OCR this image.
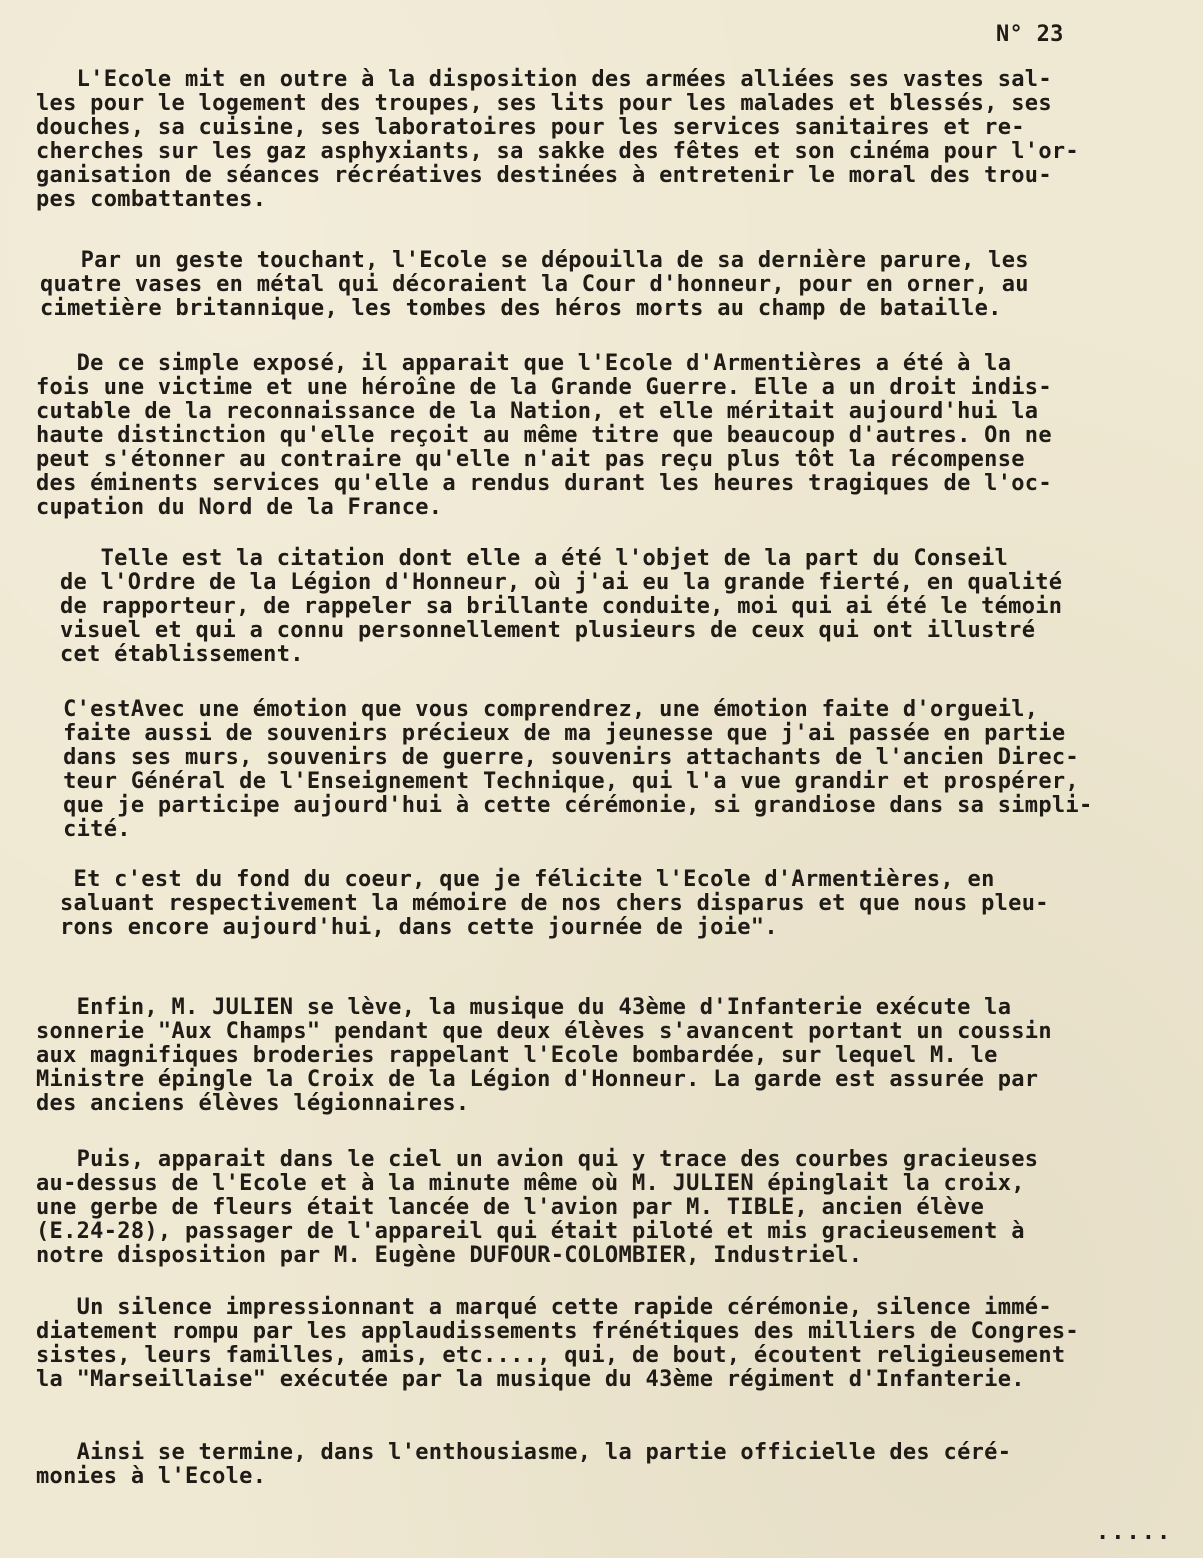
N° 23
L'Ecole mit en outre à la disposition des armées alliées ses vastes sal-
les pour le logement des troupes, ses lits pour les malades et blessés, ses
douches, sa cuisine, ses laboratoires pour les services sanitaires et re-
cherches sur les gaz asphyxiants, sa sakke des fêtes et son cinéma pour l'or-
ganisation de séances récréatives destinées à entretenir le moral des trou-
pes combattantes.
Par un geste touchant, l'Ecole se dépouilla de sa dernière parure, les
quatre vases en métal qui décoraient la Cour d'honneur, pour en orner, au
cimetière britannique, les tombes des héros morts au champ de bataille.
De ce simple exposé, il apparait que l'Ecole d'Armentières a été à la
fois une victime et une héroîne de la Grande Guerre. Elle a un droit indis-
cutable de la reconnaissance de la Nation, et elle méritait aujourd'hui la
haute distinction qu'elle reçoit au même titre que beaucoup d'autres. On ne
peut s'étonner au contraire qu'elle n'ait pas reçu plus tôt la récompense
des éminents services qu'elle a rendus durant les heures tragiques de l'oc-
cupation du Nord de la France.
Telle est la citation dont elle a été l'objet de la part du Conseil
de l'Ordre de la Légion d'Honneur, où j'ai eu la grande fierté, en qualité
de rapporteur, de rappeler sa brillante conduite, moi qui ai été le témoin
visuel et qui a connu personnellement plusieurs de ceux qui ont illustré
cet établissement.
C'estAvec une émotion que vous comprendrez, une émotion faite d'orgueil,
faite aussi de souvenirs précieux de ma jeunesse que j'ai passée en partie
dans ses murs, souvenirs de guerre, souvenirs attachants de l'ancien Direc-
teur Général de l'Enseignement Technique, qui l'a vue grandir et prospérer,
que je participe aujourd'hui à cette cérémonie, si grandiose dans sa simpli-
cité.
Et c'est du fond du coeur, que je félicite l'Ecole d'Armentières, en
saluant respectivement la mémoire de nos chers disparus et que nous pleu-
rons encore aujourd'hui, dans cette journée de joie".
Enfin, M. JULIEN se lève, la musique du 43ème d'Infanterie exécute la
sonnerie "Aux Champs" pendant que deux élèves s'avancent portant un coussin
aux magnifiques broderies rappelant l'Ecole bombardée, sur lequel M. le
Ministre épingle la Croix de la Légion d'Honneur. La garde est assurée par
des anciens élèves légionnaires.
Puis, apparait dans le ciel un avion qui y trace des courbes gracieuses
au-dessus de l'Ecole et à la minute même où M. JULIEN épinglait la croix,
une gerbe de fleurs était lancée de l'avion par M. TIBLE, ancien élève
(E.24-28), passager de l'appareil qui était piloté et mis gracieusement à
notre disposition par M. Eugène DUFOUR-COLOMBIER, Industriel.
Un silence impressionnant a marqué cette rapide cérémonie, silence immé-
diatement rompu par les applaudissements frénétiques des milliers de Congres-
sistes, leurs familles, amis, etc...., qui, de bout, écoutent religieusement
la "Marseillaise" exécutée par la musique du 43ème régiment d'Infanterie.
Ainsi se termine, dans l'enthousiasme, la partie officielle des céré-
monies à l'Ecole.
.....
